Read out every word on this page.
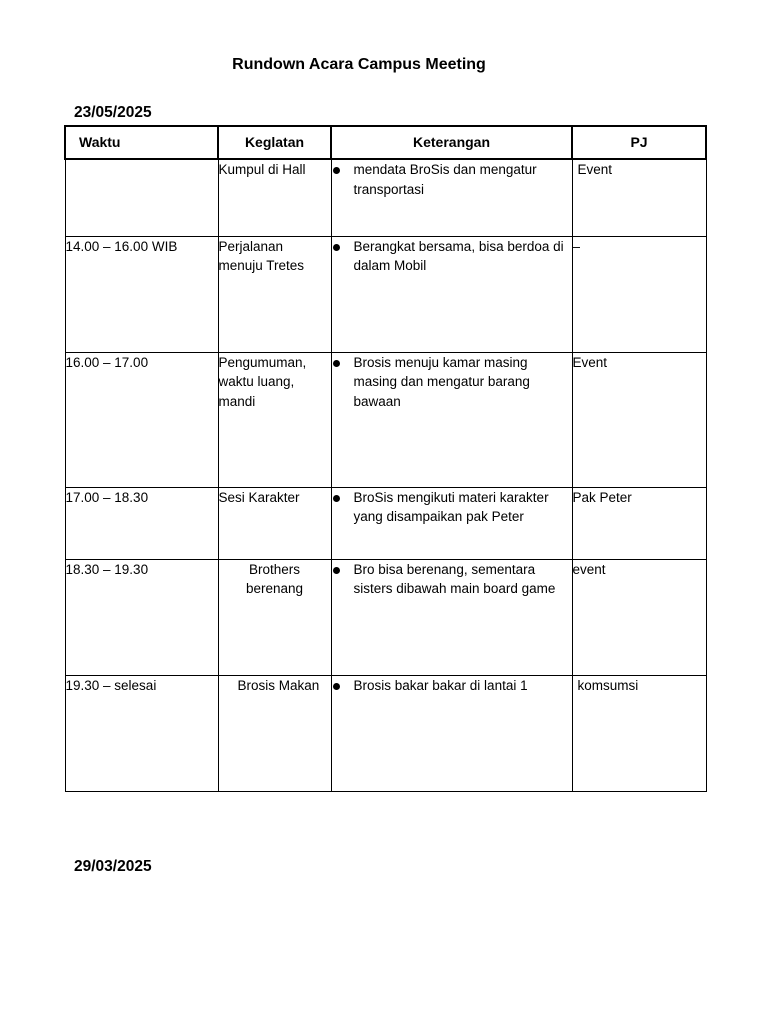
Rundown Acara Campus Meeting
23/05/2025
Waktu	Keglatan	Keterangan	PJ
	Kumpul di Hall	mendata BroSis dan mengatur transportasi	Event
14.00 – 16.00 WIB	Perjalanan menuju Tretes	Berangkat bersama, bisa berdoa di dalam Mobil	–
16.00 – 17.00	Pengumuman, waktu luang, mandi	Brosis menuju kamar masing masing dan mengatur barang bawaan	Event
17.00 – 18.30	Sesi Karakter	BroSis mengikuti materi karakter yang disampaikan pak Peter	Pak Peter
18.30 – 19.30	Brothers berenang	Bro bisa berenang, sementara sisters dibawah main board game	event
19.30 – selesai	Brosis Makan	Brosis bakar bakar di lantai 1	komsumsi
29/03/2025
